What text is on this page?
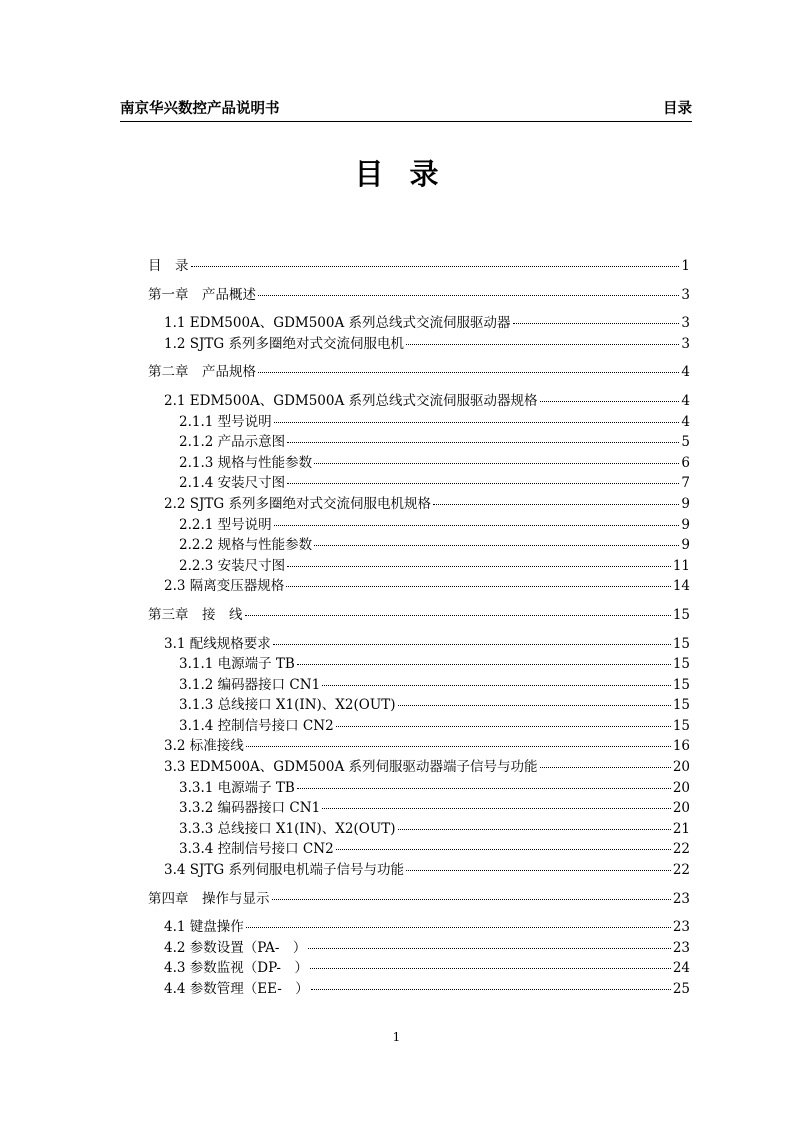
南京华兴数控产品说明书	目录
目录
目　录	1
第一章　产品概述	3
1.1 EDM500A、GDM500A 系列总线式交流伺服驱动器	3
1.2 SJTG 系列多圈绝对式交流伺服电机	3
第二章　产品规格	4
2.1 EDM500A、GDM500A 系列总线式交流伺服驱动器规格	4
2.1.1 型号说明	4
2.1.2 产品示意图	5
2.1.3 规格与性能参数	6
2.1.4 安装尺寸图	7
2.2 SJTG 系列多圈绝对式交流伺服电机规格	9
2.2.1 型号说明	9
2.2.2 规格与性能参数	9
2.2.3 安装尺寸图	11
2.3 隔离变压器规格	14
第三章　接　线	15
3.1 配线规格要求	15
3.1.1 电源端子 TB	15
3.1.2 编码器接口 CN1	15
3.1.3 总线接口 X1(IN)、X2(OUT)	15
3.1.4 控制信号接口 CN2	15
3.2 标准接线	16
3.3 EDM500A、GDM500A 系列伺服驱动器端子信号与功能	20
3.3.1 电源端子 TB	20
3.3.2 编码器接口 CN1	20
3.3.3 总线接口 X1(IN)、X2(OUT)	21
3.3.4 控制信号接口 CN2	22
3.4 SJTG 系列伺服电机端子信号与功能	22
第四章　操作与显示	23
4.1 键盘操作	23
4.2 参数设置（PA-　）	23
4.3 参数监视（DP-　）	24
4.4 参数管理（EE-　）	25
1
